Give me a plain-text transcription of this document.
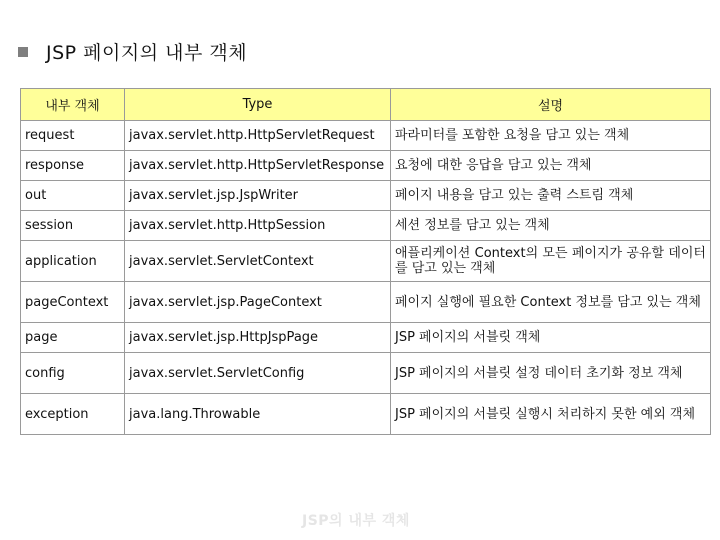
JSP 페이지의 내부 객체
내부 객체	Type	설명
request	javax.servlet.http.HttpServletRequest	파라미터를 포함한 요청을 담고 있는 객체
response	javax.servlet.http.HttpServletResponse	요청에 대한 응답을 담고 있는 객체
out	javax.servlet.jsp.JspWriter	페이지 내용을 담고 있는 출력 스트림 객체
session	javax.servlet.http.HttpSession	세션 정보를 담고 있는 객체
application	javax.servlet.ServletContext	애플리케이션 Context의 모든 페이지가 공유할 데이터를 담고 있는 객체
pageContext	javax.servlet.jsp.PageContext	페이지 실행에 필요한 Context 정보를 담고 있는 객체
page	javax.servlet.jsp.HttpJspPage	JSP 페이지의 서블릿 객체
config	javax.servlet.ServletConfig	JSP 페이지의 서블릿 설정 데이터 초기화 정보 객체
exception	java.lang.Throwable	JSP 페이지의 서블릿 실행시 처리하지 못한 예외 객체
JSP의 내부 객체
